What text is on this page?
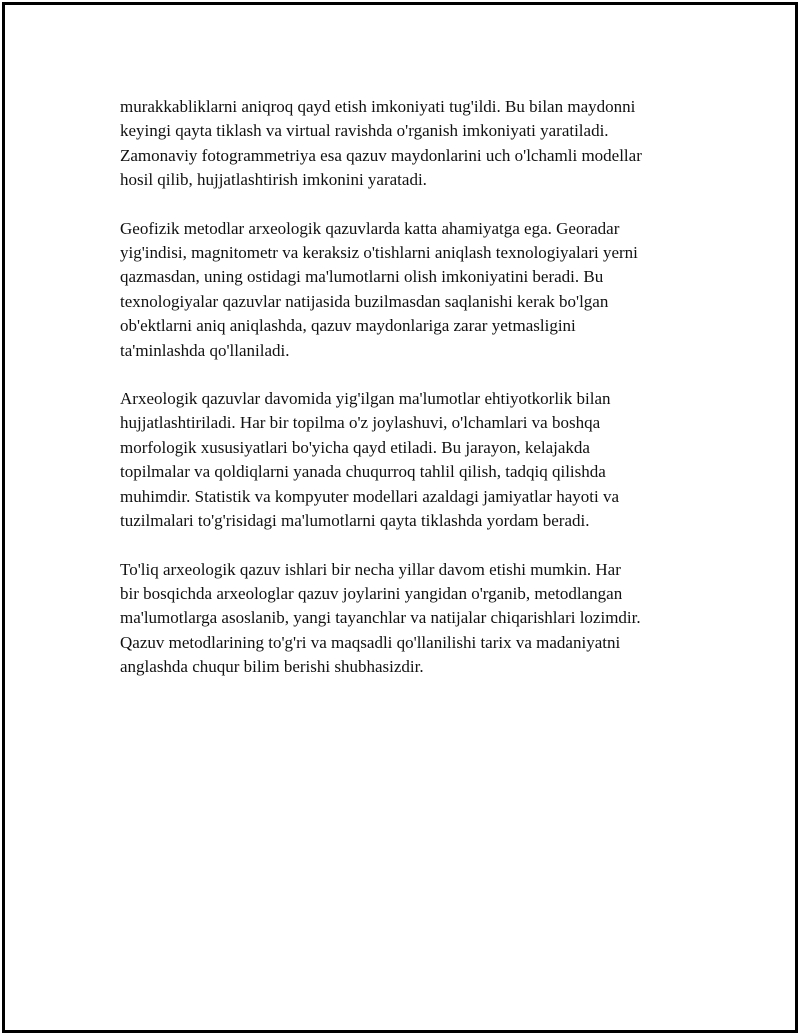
murakkabliklarni aniqroq qayd etish imkoniyati tug'ildi. Bu bilan maydonni
keyingi qayta tiklash va virtual ravishda o'rganish imkoniyati yaratiladi.
Zamonaviy fotogrammetriya esa qazuv maydonlarini uch o'lchamli modellar
hosil qilib, hujjatlashtirish imkonini yaratadi.

Geofizik metodlar arxeologik qazuvlarda katta ahamiyatga ega. Georadar
yig'indisi, magnitometr va keraksiz o'tishlarni aniqlash texnologiyalari yerni
qazmasdan, uning ostidagi ma'lumotlarni olish imkoniyatini beradi. Bu
texnologiyalar qazuvlar natijasida buzilmasdan saqlanishi kerak bo'lgan
ob'ektlarni aniq aniqlashda, qazuv maydonlariga zarar yetmasligini
ta'minlashda qo'llaniladi.

Arxeologik qazuvlar davomida yig'ilgan ma'lumotlar ehtiyotkorlik bilan
hujjatlashtiriladi. Har bir topilma o'z joylashuvi, o'lchamlari va boshqa
morfologik xususiyatlari bo'yicha qayd etiladi. Bu jarayon, kelajakda
topilmalar va qoldiqlarni yanada chuqurroq tahlil qilish, tadqiq qilishda
muhimdir. Statistik va kompyuter modellari azaldagi jamiyatlar hayoti va
tuzilmalari to'g'risidagi ma'lumotlarni qayta tiklashda yordam beradi.

To'liq arxeologik qazuv ishlari bir necha yillar davom etishi mumkin. Har
bir bosqichda arxeologlar qazuv joylarini yangidan o'rganib, metodlangan
ma'lumotlarga asoslanib, yangi tayanchlar va natijalar chiqarishlari lozimdir.
Qazuv metodlarining to'g'ri va maqsadli qo'llanilishi tarix va madaniyatni
anglashda chuqur bilim berishi shubhasizdir.
